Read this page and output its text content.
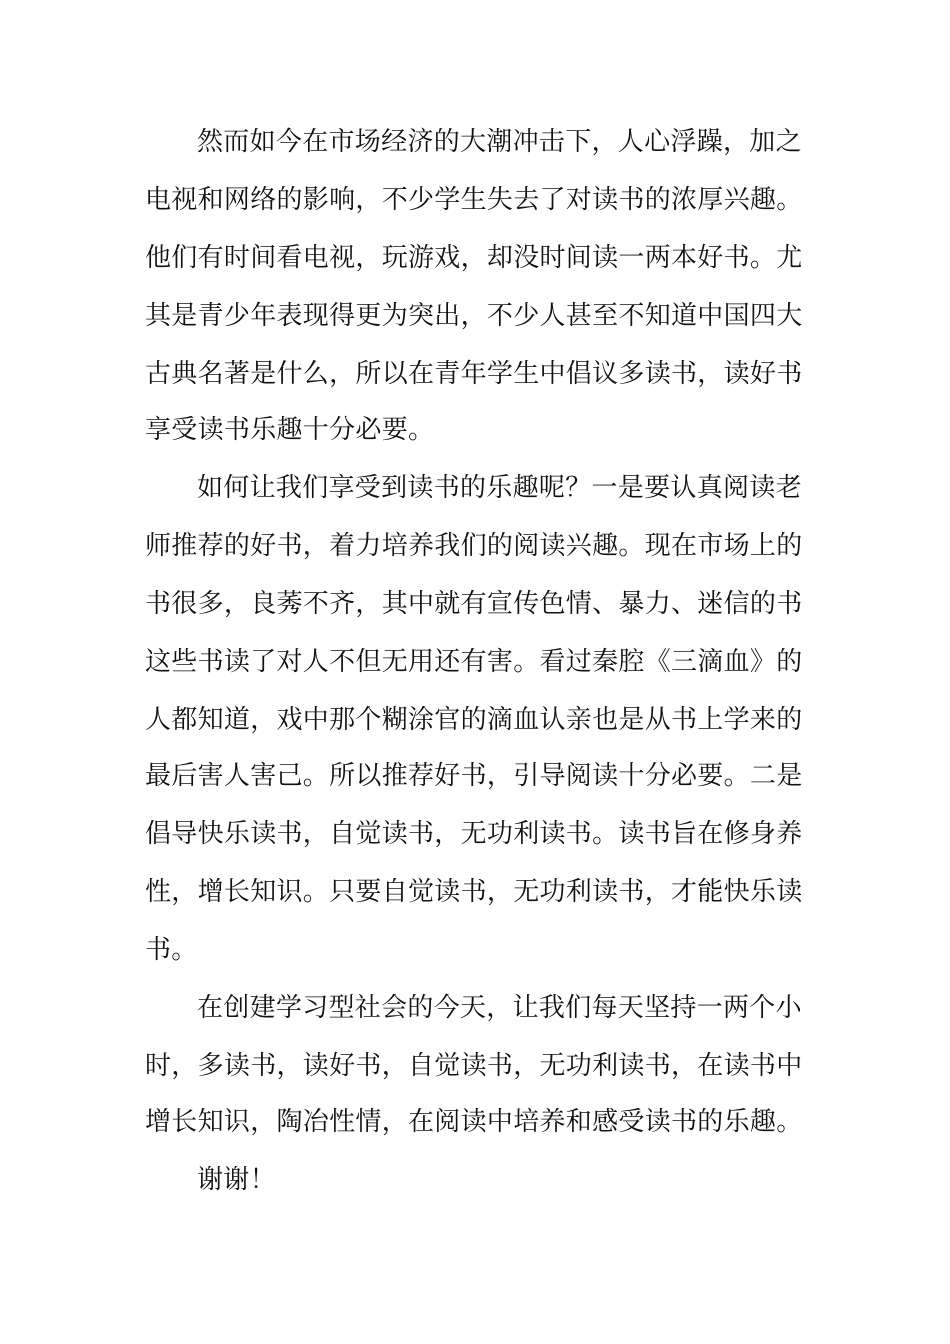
然而如今在市场经济的大潮冲击下，人心浮躁，加之
电视和网络的影响，不少学生失去了对读书的浓厚兴趣。
他们有时间看电视，玩游戏，却没时间读一两本好书。尤
其是青少年表现得更为突出，不少人甚至不知道中国四大
古典名著是什么，所以在青年学生中倡议多读书，读好书
享受读书乐趣十分必要。
如何让我们享受到读书的乐趣呢？一是要认真阅读老
师推荐的好书，着力培养我们的阅读兴趣。现在市场上的
书很多，良莠不齐，其中就有宣传色情、暴力、迷信的书
这些书读了对人不但无用还有害。看过秦腔《三滴血》的
人都知道，戏中那个糊涂官的滴血认亲也是从书上学来的
最后害人害己。所以推荐好书，引导阅读十分必要。二是
倡导快乐读书，自觉读书，无功利读书。读书旨在修身养
性，增长知识。只要自觉读书，无功利读书，才能快乐读
书。
在创建学习型社会的今天，让我们每天坚持一两个小
时，多读书，读好书，自觉读书，无功利读书，在读书中
增长知识，陶冶性情，在阅读中培养和感受读书的乐趣。
谢谢！
